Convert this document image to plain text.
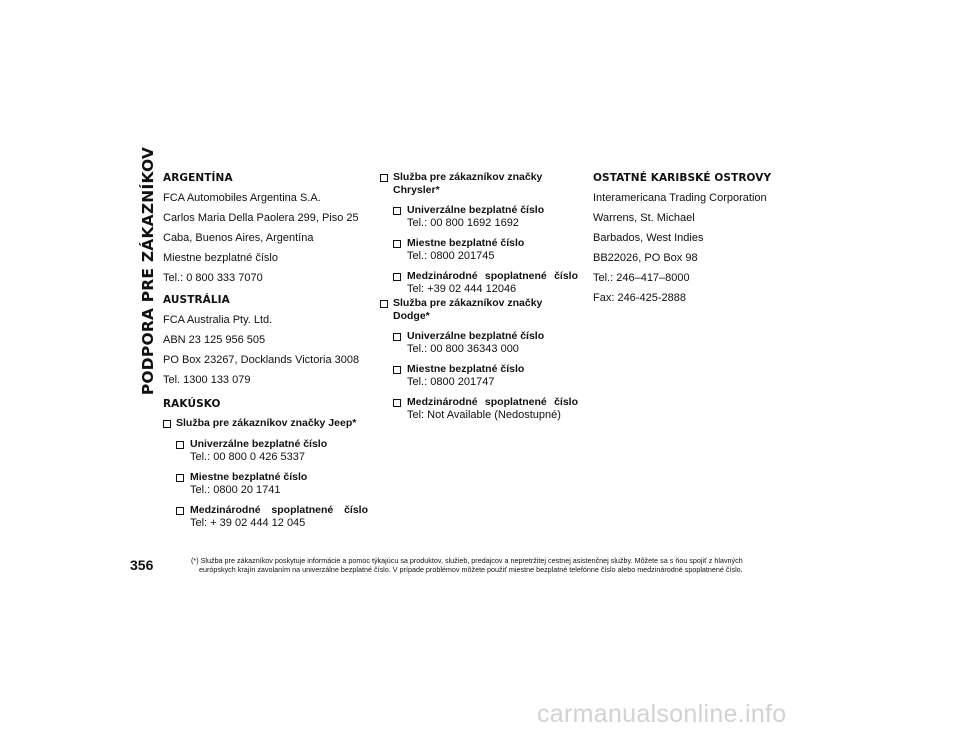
PODPORA PRE ZÁKAZNÍKOV ARGENTÍNA
FCA Automobiles Argentina S.A.
Carlos Maria Della Paolera 299, Piso 25
Caba, Buenos Aires, Argentína
Miestne bezplatné číslo
Tel.: 0 800 333 7070
AUSTRÁLIA
FCA Australia Pty. Ltd.
ABN 23 125 956 505
PO Box 23267, Docklands Victoria 3008
Tel. 1300 133 079
RAKÚSKO
Služba pre zákazníkov značky Jeep*
Univerzálne bezplatné číslo
Tel.: 00 800 0 426 5337
Miestne bezplatné číslo
Tel.: 0800 20 1741
Medzinárodné spoplatnené číslo
Tel: + 39 02 444 12 045
Služba pre zákazníkov značky Chrysler*
Univerzálne bezplatné číslo
Tel.: 00 800 1692 1692
Miestne bezplatné číslo
Tel.: 0800 201745
Medzinárodné spoplatnené číslo
Tel: +39 02 444 12046
Služba pre zákazníkov značky Dodge*
Univerzálne bezplatné číslo
Tel.: 00 800 36343 000
Miestne bezplatné číslo
Tel.: 0800 201747
Medzinárodné spoplatnené číslo
Tel: Not Available (Nedostupné)
OSTATNÉ KARIBSKÉ OSTROVY
Interamericana Trading Corporation
Warrens, St. Michael
Barbados, West Indies
BB22026, PO Box 98
Tel.: 246–417–8000
Fax: 246-425-2888
356	(*) Služba pre zákazníkov poskytuje informácie a pomoc týkajúcu sa produktov, služieb, predajcov a nepretržitej cestnej asistenčnej služby. Môžete sa s ňou spojiť z hlavných
európskych krajín zavolaním na univerzálne bezplatné číslo. V prípade problémov môžete použiť miestne bezplatné telefónne číslo alebo medzinárodné spoplatnené číslo.
carmanualsonline.info
